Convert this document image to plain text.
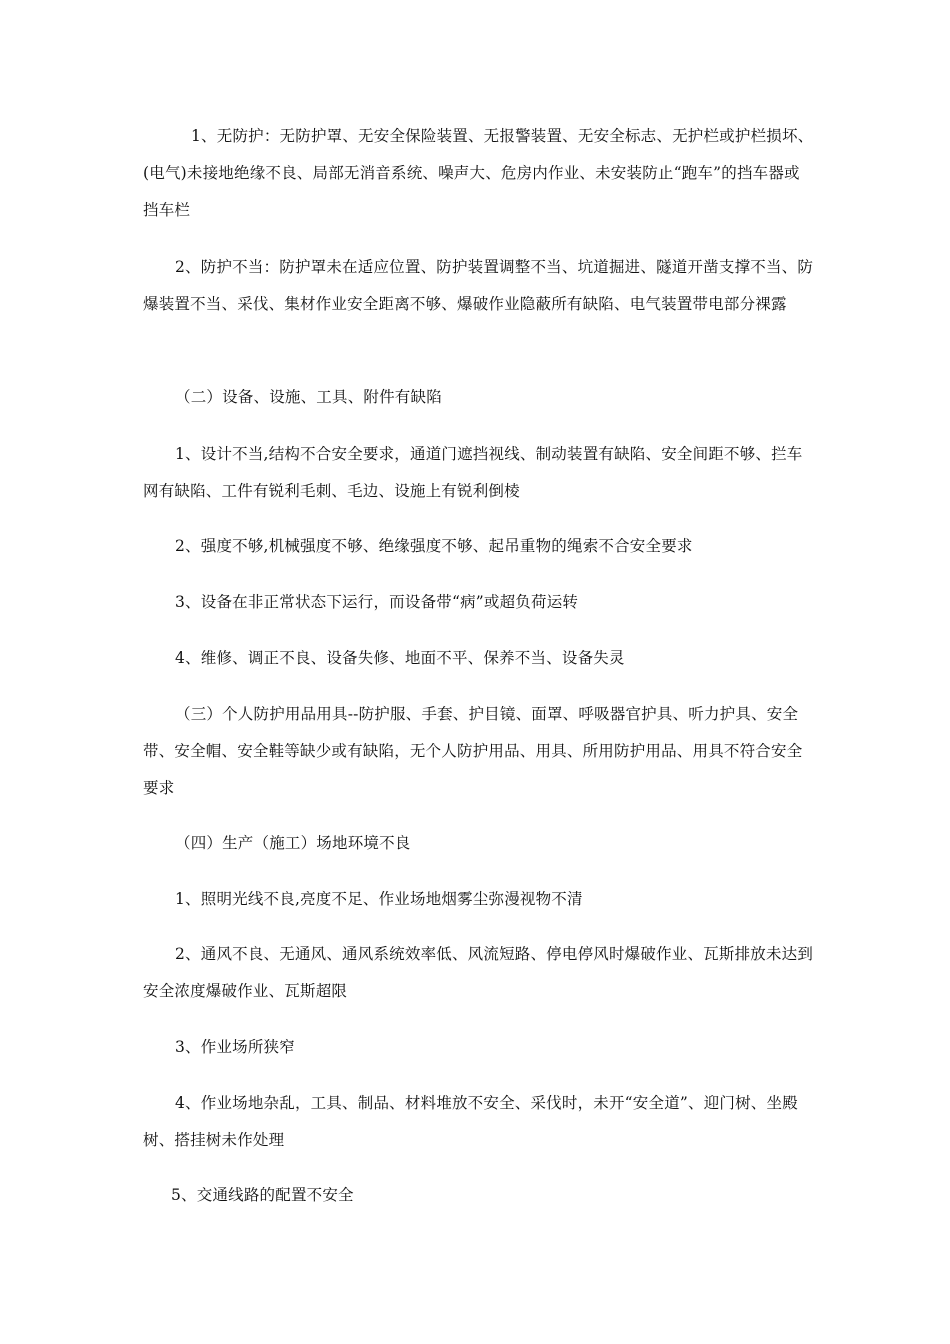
1、无防护：无防护罩、无安全保险装置、无报警装置、无安全标志、无护栏或护栏损坏、(电气)未接地绝缘不良、局部无消音系统、噪声大、危房内作业、未安装防止“跑车”的挡车器或挡车栏

2、防护不当：防护罩未在适应位置、防护装置调整不当、坑道掘进、隧道开凿支撑不当、防爆装置不当、采伐、集材作业安全距离不够、爆破作业隐蔽所有缺陷、电气装置带电部分裸露

（二）设备、设施、工具、附件有缺陷

1、设计不当,结构不合安全要求，通道门遮挡视线、制动装置有缺陷、安全间距不够、拦车网有缺陷、工件有锐利毛刺、毛边、设施上有锐利倒棱

2、强度不够,机械强度不够、绝缘强度不够、起吊重物的绳索不合安全要求

3、设备在非正常状态下运行，而设备带“病”或超负荷运转

4、维修、调正不良、设备失修、地面不平、保养不当、设备失灵

（三）个人防护用品用具--防护服、手套、护目镜、面罩、呼吸器官护具、听力护具、安全带、安全帽、安全鞋等缺少或有缺陷，无个人防护用品、用具、所用防护用品、用具不符合安全要求

（四）生产（施工）场地环境不良

1、照明光线不良,亮度不足、作业场地烟雾尘弥漫视物不清

2、通风不良、无通风、通风系统效率低、风流短路、停电停风时爆破作业、瓦斯排放未达到安全浓度爆破作业、瓦斯超限

3、作业场所狭窄

4、作业场地杂乱，工具、制品、材料堆放不安全、采伐时，未开“安全道”、迎门树、坐殿树、搭挂树未作处理

5、交通线路的配置不安全
